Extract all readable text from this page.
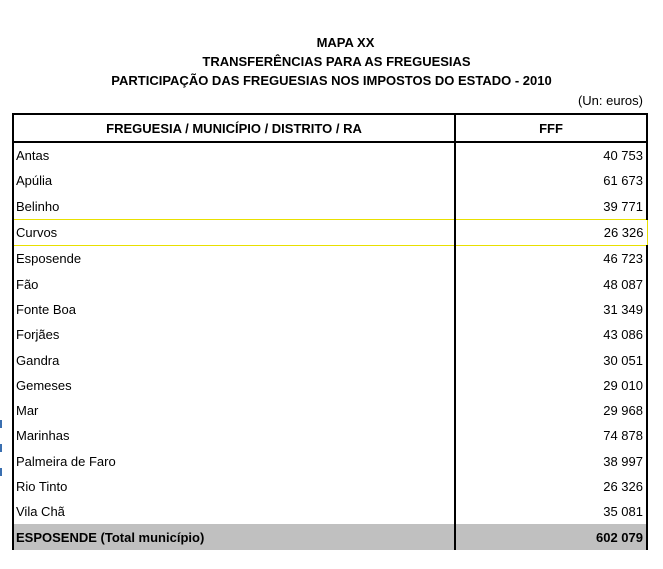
MAPA XX
TRANSFERÊNCIAS PARA AS FREGUESIAS
PARTICIPAÇÃO DAS FREGUESIAS NOS IMPOSTOS DO ESTADO - 2010
(Un: euros)
FREGUESIA / MUNICÍPIO / DISTRITO / RA	FFF
Antas	40 753
Apúlia	61 673
Belinho	39 771
Curvos	26 326
Esposende	46 723
Fão	48 087
Fonte Boa	31 349
Forjães	43 086
Gandra	30 051
Gemeses	29 010
Mar	29 968
Marinhas	74 878
Palmeira de Faro	38 997
Rio Tinto	26 326
Vila Chã	35 081
ESPOSENDE (Total município)	602 079
